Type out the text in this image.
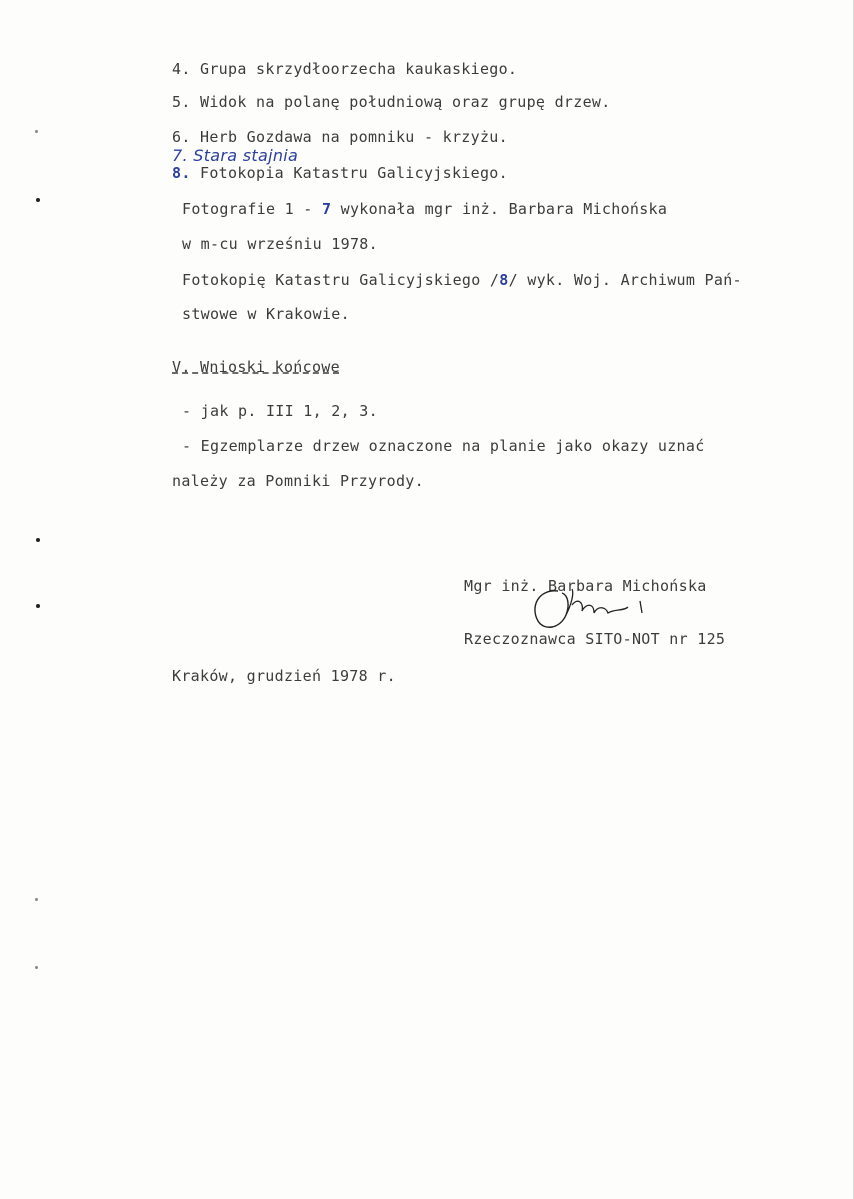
4. Grupa skrzydłoorzecha kaukaskiego.
5. Widok na polanę południową oraz grupę drzew.
6. Herb Gozdawa na pomniku - krzyżu.
7. Stara stajnia
8. Fotokopia Katastru Galicyjskiego.
Fotografie 1 - 7 wykonała mgr inż. Barbara Michońska
w m-cu wrześniu 1978.
Fotokopię Katastru Galicyjskiego /8/ wyk. Woj. Archiwum Pań-
stwowe w Krakowie.
V. Wnioski końcowe
- jak p. III 1, 2, 3.
- Egzemplarze drzew oznaczone na planie jako okazy uznać
należy za Pomniki Przyrody.
Mgr inż. Barbara Michońska
Rzeczoznawca SITO-NOT nr 125
Kraków, grudzień 1978 r.
